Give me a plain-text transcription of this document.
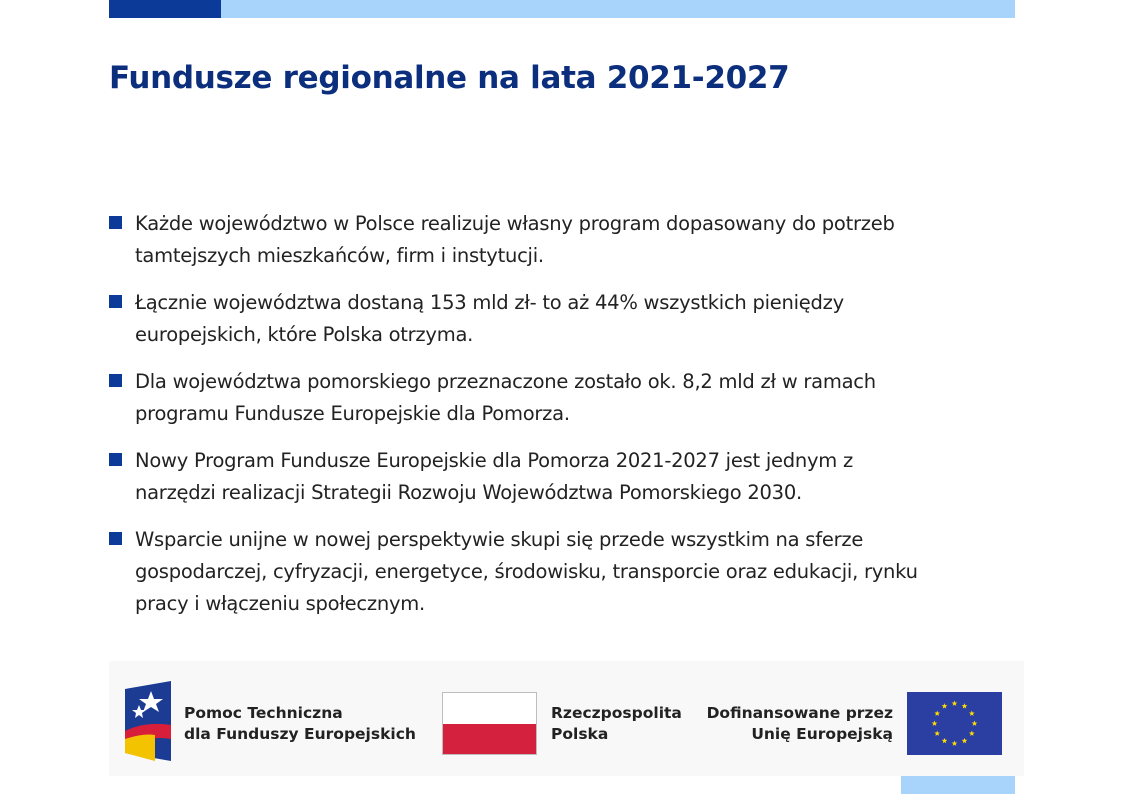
Fundusze regionalne na lata 2021-2027
Każde województwo w Polsce realizuje własny program dopasowany do potrzeb
tamtejszych mieszkańców, firm i instytucji.
Łącznie województwa dostaną 153 mld zł- to aż 44% wszystkich pieniędzy
europejskich, które Polska otrzyma.
Dla województwa pomorskiego przeznaczone zostało ok. 8,2 mld zł w ramach
programu Fundusze Europejskie dla Pomorza.
Nowy Program Fundusze Europejskie dla Pomorza 2021-2027 jest jednym z
narzędzi realizacji Strategii Rozwoju Województwa Pomorskiego 2030.
Wsparcie unijne w nowej perspektywie skupi się przede wszystkim na sferze
gospodarczej, cyfryzacji, energetyce, środowisku, transporcie oraz edukacji, rynku
pracy i włączeniu społecznym.
Pomoc Techniczna
dla Funduszy Europejskich
Rzeczpospolita
Polska
Dofinansowane przez
Unię Europejską
